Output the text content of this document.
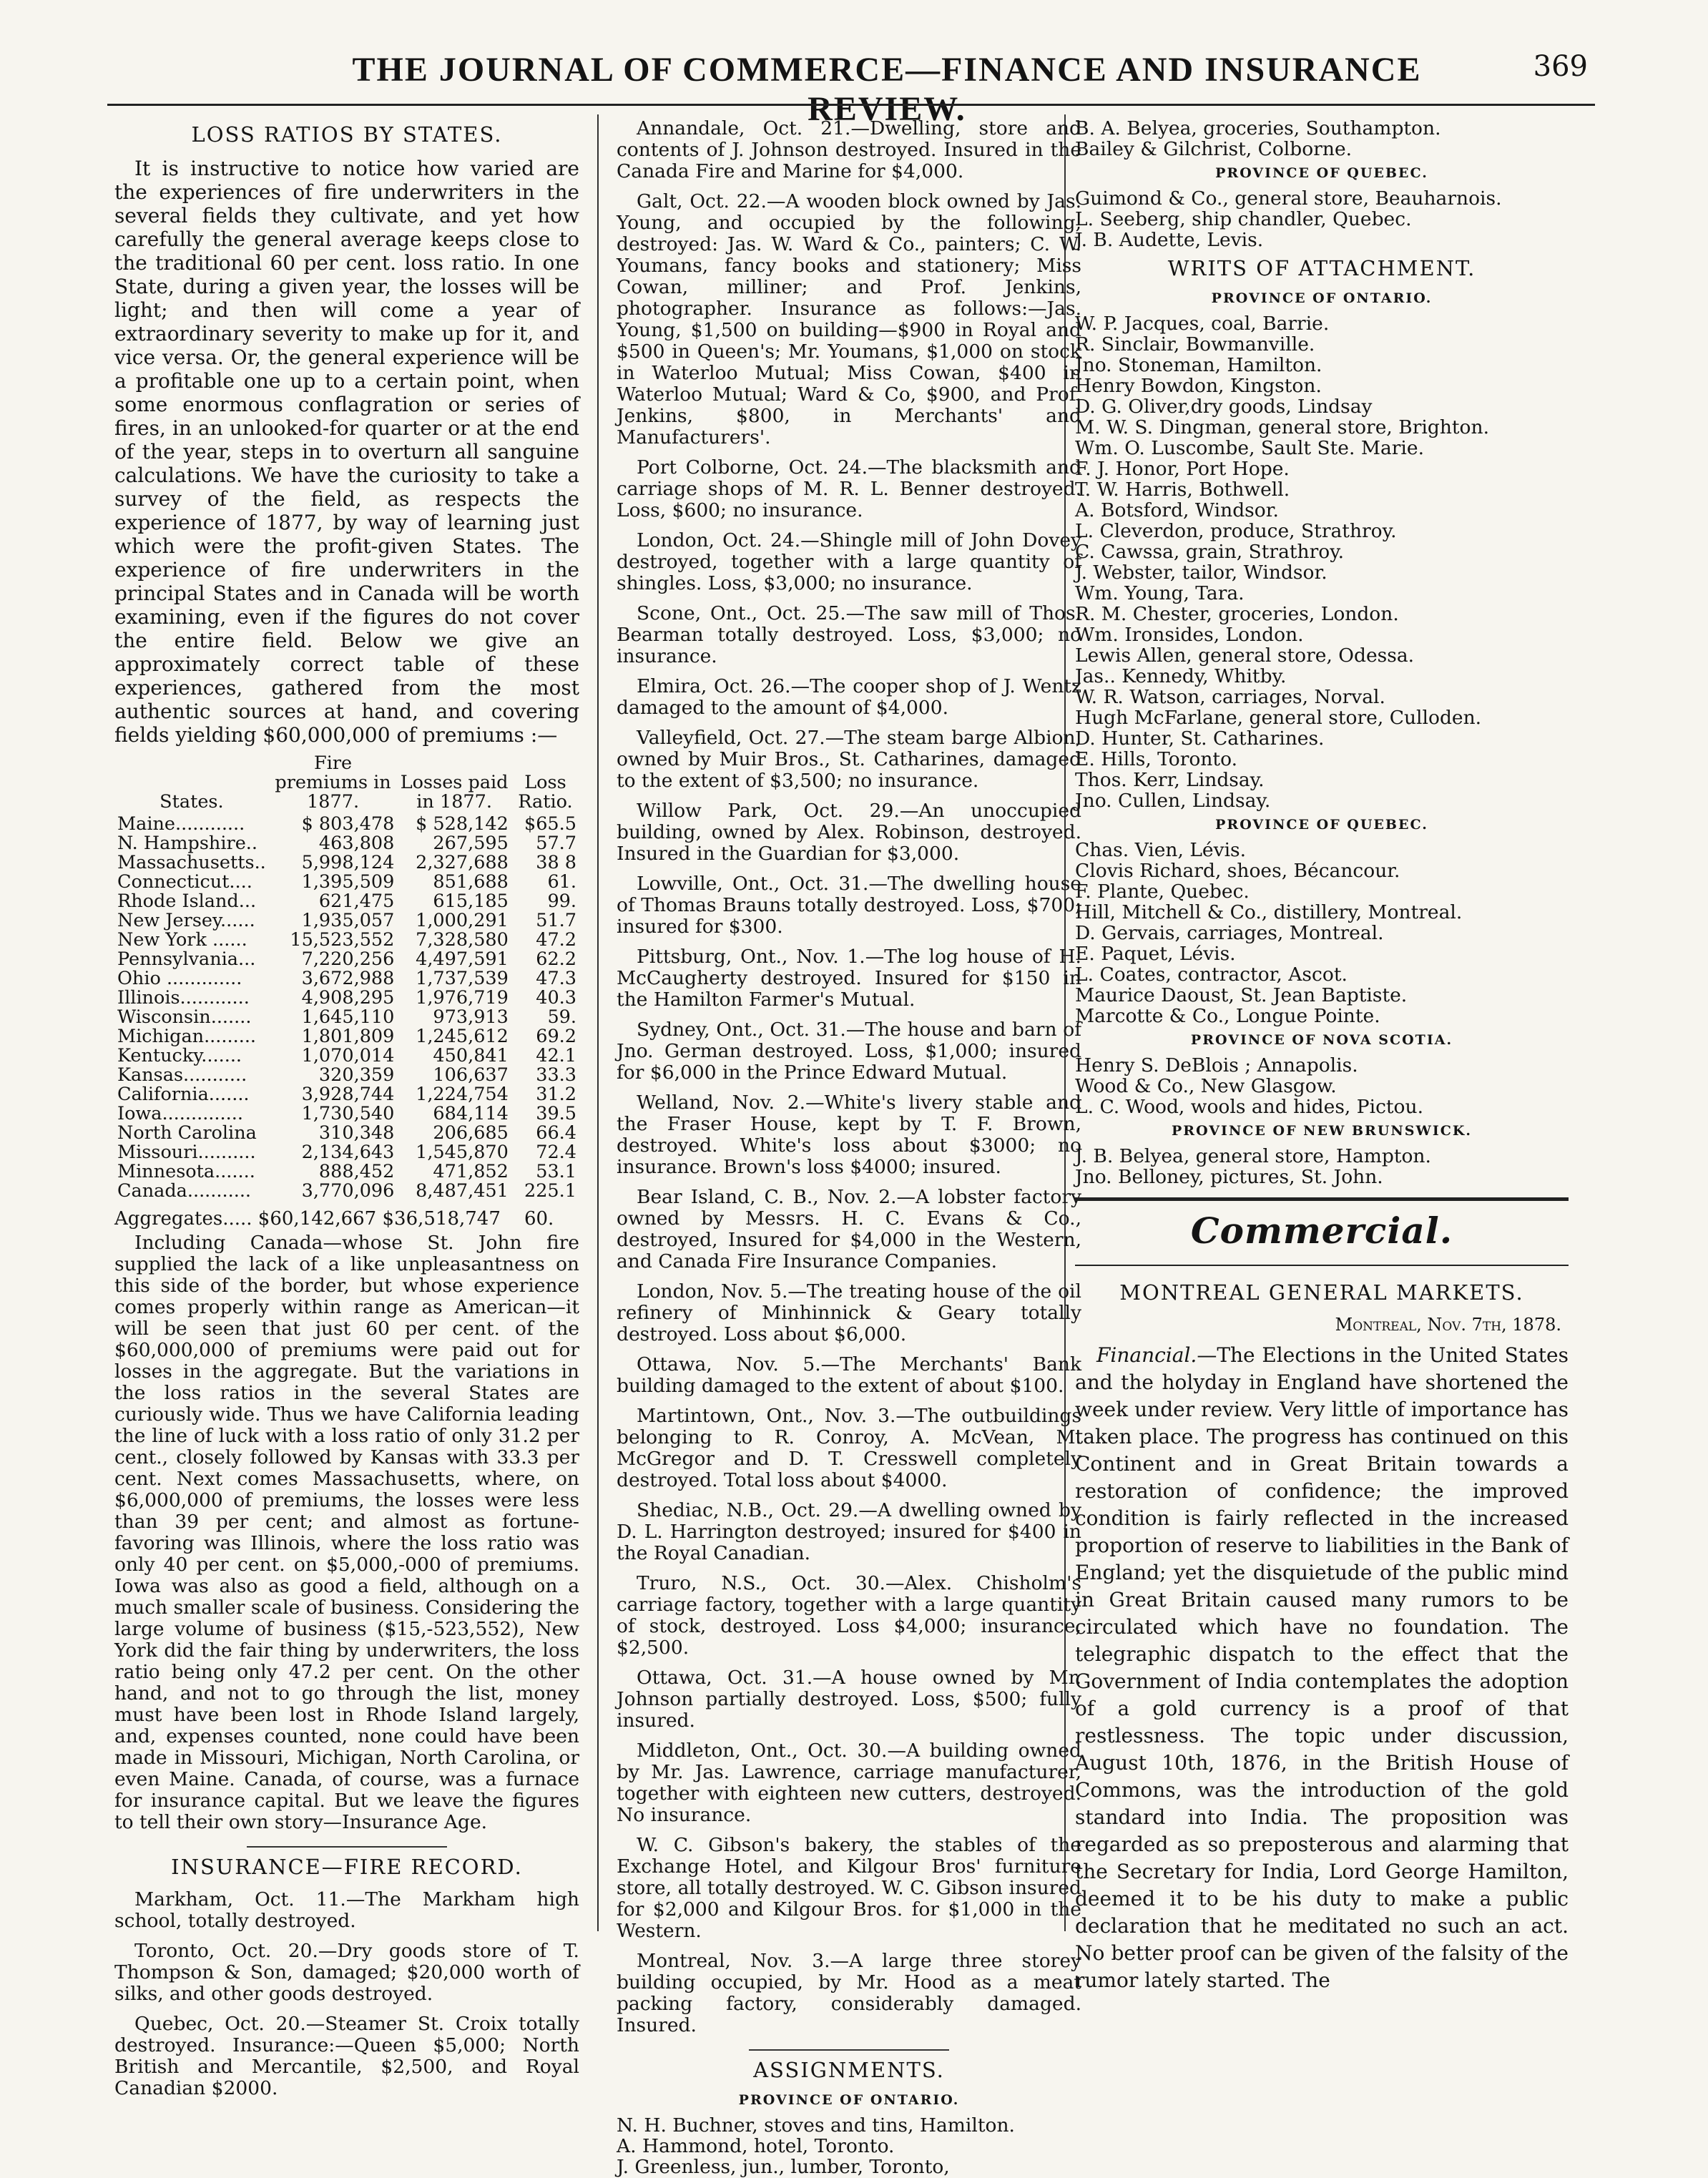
THE JOURNAL OF COMMERCE—FINANCE AND INSURANCE REVIEW.
369
LOSS RATIOS BY STATES.

It is instructive to notice how varied are the experiences of fire underwriters in the several fields they cultivate, and yet how carefully the general average keeps close to the traditional 60 per cent. loss ratio. In one State, during a given year, the losses will be light; and then will come a year of extraordinary severity to make up for it, and vice versa. Or, the general experience will be a profitable one up to a certain point, when some enormous conflagration or series of fires, in an unlooked-for quarter or at the end of the year, steps in to overturn all sanguine calculations. We have the curiosity to take a survey of the field, as respects the experience of 1877, by way of learning just which were the profit-given States. The experience of fire underwriters in the principal States and in Canada will be worth examining, even if the figures do not cover the entire field. Below we give an approximately correct table of these experiences, gathered from the most authentic sources at hand, and covering fields yielding $60,000,000 of premiums :—

States.	Fire premiums in 1877.	Losses paid in 1877.	Loss Ratio.
Maine............	$ 803,478	$ 528,142	$65.5
N. Hampshire..	463,808	267,595	57.7
Massachusetts..	5,998,124	2,327,688	38 8
Connecticut....	1,395,509	851,688	61.
Rhode Island...	621,475	615,185	99.
New Jersey......	1,935,057	1,000,291	51.7
New York ......	15,523,552	7,328,580	47.2
Pennsylvania...	7,220,256	4,497,591	62.2
Ohio .............	3,672,988	1,737,539	47.3
Illinois............	4,908,295	1,976,719	40.3
Wisconsin.......	1,645,110	973,913	59.
Michigan.........	1,801,809	1,245,612	69.2
Kentucky.......	1,070,014	450,841	42.1
Kansas...........	320,359	106,637	33.3
California.......	3,928,744	1,224,754	31.2
Iowa..............	1,730,540	684,114	39.5
North Carolina	310,348	206,685	66.4
Missouri..........	2,134,643	1,545,870	72.4
Minnesota.......	888,452	471,852	53.1
Canada...........	3,770,096	8,487,451	225.1
Aggregates..... $60,142,667 $36,518,747 60.

Including Canada—whose St. John fire supplied the lack of a like unpleasantness on this side of the border, but whose experience comes properly within range as American—it will be seen that just 60 per cent. of the $60,000,000 of premiums were paid out for losses in the aggregate. But the variations in the loss ratios in the several States are curiously wide. Thus we have California leading the line of luck with a loss ratio of only 31.2 per cent., closely followed by Kansas with 33.3 per cent. Next comes Massachusetts, where, on $6,000,000 of premiums, the losses were less than 39 per cent; and almost as fortune-favoring was Illinois, where the loss ratio was only 40 per cent. on $5,000,-000 of premiums. Iowa was also as good a field, although on a much smaller scale of business. Considering the large volume of business ($15,-523,552), New York did the fair thing by underwriters, the loss ratio being only 47.2 per cent. On the other hand, and not to go through the list, money must have been lost in Rhode Island largely, and, expenses counted, none could have been made in Missouri, Michigan, North Carolina, or even Maine. Canada, of course, was a furnace for insurance capital. But we leave the figures to tell their own story—Insurance Age.

INSURANCE—FIRE RECORD.
Markham, Oct. 11.—The Markham high school, totally destroyed.
Toronto, Oct. 20.—Dry goods store of T. Thompson & Son, damaged; $20,000 worth of silks, and other goods destroyed.
Quebec, Oct. 20.—Steamer St. Croix totally destroyed. Insurance:—Queen $5,000; North British and Mercantile, $2,500, and Royal Canadian $2000.
Annandale, Oct. 21.—Dwelling, store and contents of J. Johnson destroyed. Insured in the Canada Fire and Marine for $4,000.
Galt, Oct. 22.—A wooden block owned by Jas. Young, and occupied by the following, destroyed: Jas. W. Ward & Co., painters; C. W. Youmans, fancy books and stationery; Miss Cowan, milliner; and Prof. Jenkins, photographer. Insurance as follows:—Jas. Young, $1,500 on building—$900 in Royal and $500 in Queen's; Mr. Youmans, $1,000 on stock in Waterloo Mutual; Miss Cowan, $400 in Waterloo Mutual; Ward & Co, $900, and Prof. Jenkins, $800, in Merchants' and Manufacturers'.
Port Colborne, Oct. 24.—The blacksmith and carriage shops of M. R. L. Benner destroyed. Loss, $600; no insurance.
London, Oct. 24.—Shingle mill of John Dovey destroyed, together with a large quantity of shingles. Loss, $3,000; no insurance.
Scone, Ont., Oct. 25.—The saw mill of Thos. Bearman totally destroyed. Loss, $3,000; no insurance.
Elmira, Oct. 26.—The cooper shop of J. Wentz damaged to the amount of $4,000.
Valleyfield, Oct. 27.—The steam barge Albion, owned by Muir Bros., St. Catharines, damaged to the extent of $3,500; no insurance.
Willow Park, Oct. 29.—An unoccupied building, owned by Alex. Robinson, destroyed. Insured in the Guardian for $3,000.
Lowville, Ont., Oct. 31.—The dwelling house of Thomas Brauns totally destroyed. Loss, $700; insured for $300.
Pittsburg, Ont., Nov. 1.—The log house of H. McCaugherty destroyed. Insured for $150 in the Hamilton Farmer's Mutual.
Sydney, Ont., Oct. 31.—The house and barn of Jno. German destroyed. Loss, $1,000; insured for $6,000 in the Prince Edward Mutual.
Welland, Nov. 2.—White's livery stable and the Fraser House, kept by T. F. Brown, destroyed. White's loss about $3000; no insurance. Brown's loss $4000; insured.
Bear Island, C. B., Nov. 2.—A lobster factory owned by Messrs. H. C. Evans & Co., destroyed, Insured for $4,000 in the Western, and Canada Fire Insurance Companies.
London, Nov. 5.—The treating house of the oil refinery of Minhinnick & Geary totally destroyed. Loss about $6,000.
Ottawa, Nov. 5.—The Merchants' Bank building damaged to the extent of about $100.
Martintown, Ont., Nov. 3.—The outbuildings belonging to R. Conroy, A. McVean, M. McGregor and D. T. Cresswell completely destroyed. Total loss about $4000.
Shediac, N.B., Oct. 29.—A dwelling owned by D. L. Harrington destroyed; insured for $400 in the Royal Canadian.
Truro, N.S., Oct. 30.—Alex. Chisholm's carriage factory, together with a large quantity of stock, destroyed. Loss $4,000; insurance, $2,500.
Ottawa, Oct. 31.—A house owned by Mr. Johnson partially destroyed. Loss, $500; fully insured.
Middleton, Ont., Oct. 30.—A building owned by Mr. Jas. Lawrence, carriage manufacturer, together with eighteen new cutters, destroyed. No insurance.
W. C. Gibson's bakery, the stables of the Exchange Hotel, and Kilgour Bros' furniture store, all totally destroyed. W. C. Gibson insured for $2,000 and Kilgour Bros. for $1,000 in the Western.
Montreal, Nov. 3.—A large three storey building occupied, by Mr. Hood as a meat packing factory, considerably damaged. Insured.
ASSIGNMENTS.
PROVINCE OF ONTARIO.
N. H. Buchner, stoves and tins, Hamilton.
A. Hammond, hotel, Toronto.
J. Greenless, jun., lumber, Toronto,
B. A. Belyea, groceries, Southampton.
Bailey & Gilchrist, Colborne.
PROVINCE OF QUEBEC.
Guimond & Co., general store, Beauharnois.
L. Seeberg, ship chandler, Quebec.
J. B. Audette, Levis.
WRITS OF ATTACHMENT.
PROVINCE OF ONTARIO.
W. P. Jacques, coal, Barrie.
R. Sinclair, Bowmanville.
Jno. Stoneman, Hamilton.
Henry Bowdon, Kingston.
D. G. Oliver,dry goods, Lindsay
M. W. S. Dingman, general store, Brighton.
Wm. O. Luscombe, Sault Ste. Marie.
F. J. Honor, Port Hope.
T. W. Harris, Bothwell.
A. Botsford, Windsor.
L. Cleverdon, produce, Strathroy.
C. Cawssa, grain, Strathroy.
J. Webster, tailor, Windsor.
Wm. Young, Tara.
R. M. Chester, groceries, London.
Wm. Ironsides, London.
Lewis Allen, general store, Odessa.
Jas.. Kennedy, Whitby.
W. R. Watson, carriages, Norval.
Hugh McFarlane, general store, Culloden.
D. Hunter, St. Catharines.
E. Hills, Toronto.
Thos. Kerr, Lindsay.
Jno. Cullen, Lindsay.
PROVINCE OF QUEBEC.
Chas. Vien, Lévis.
Clovis Richard, shoes, Bécancour.
F. Plante, Quebec.
Hill, Mitchell & Co., distillery, Montreal.
D. Gervais, carriages, Montreal.
E. Paquet, Lévis.
L. Coates, contractor, Ascot.
Maurice Daoust, St. Jean Baptiste.
Marcotte & Co., Longue Pointe.
PROVINCE OF NOVA SCOTIA.
Henry S. DeBlois ; Annapolis.
Wood & Co., New Glasgow.
L. C. Wood, wools and hides, Pictou.
PROVINCE OF NEW BRUNSWICK.
J. B. Belyea, general store, Hampton.
Jno. Belloney, pictures, St. John.
Commercial.
MONTREAL GENERAL MARKETS.
Montreal, Nov. 7th, 1878.

Financial.—The Elections in the United States and the holyday in England have shortened the week under review. Very little of importance has taken place. The progress has continued on this Continent and in Great Britain towards a restoration of confidence; the improved condition is fairly reflected in the increased proportion of reserve to liabilities in the Bank of England; yet the disquietude of the public mind in Great Britain caused many rumors to be circulated which have no foundation. The telegraphic dispatch to the effect that the Government of India contemplates the adoption of a gold currency is a proof of that restlessness. The topic under discussion, August 10th, 1876, in the British House of Commons, was the introduction of the gold standard into India. The proposition was regarded as so preposterous and alarming that the Secretary for India, Lord George Hamilton, deemed it to be his duty to make a public declaration that he meditated no such an act. No better proof can be given of the falsity of the rumor lately started. The
